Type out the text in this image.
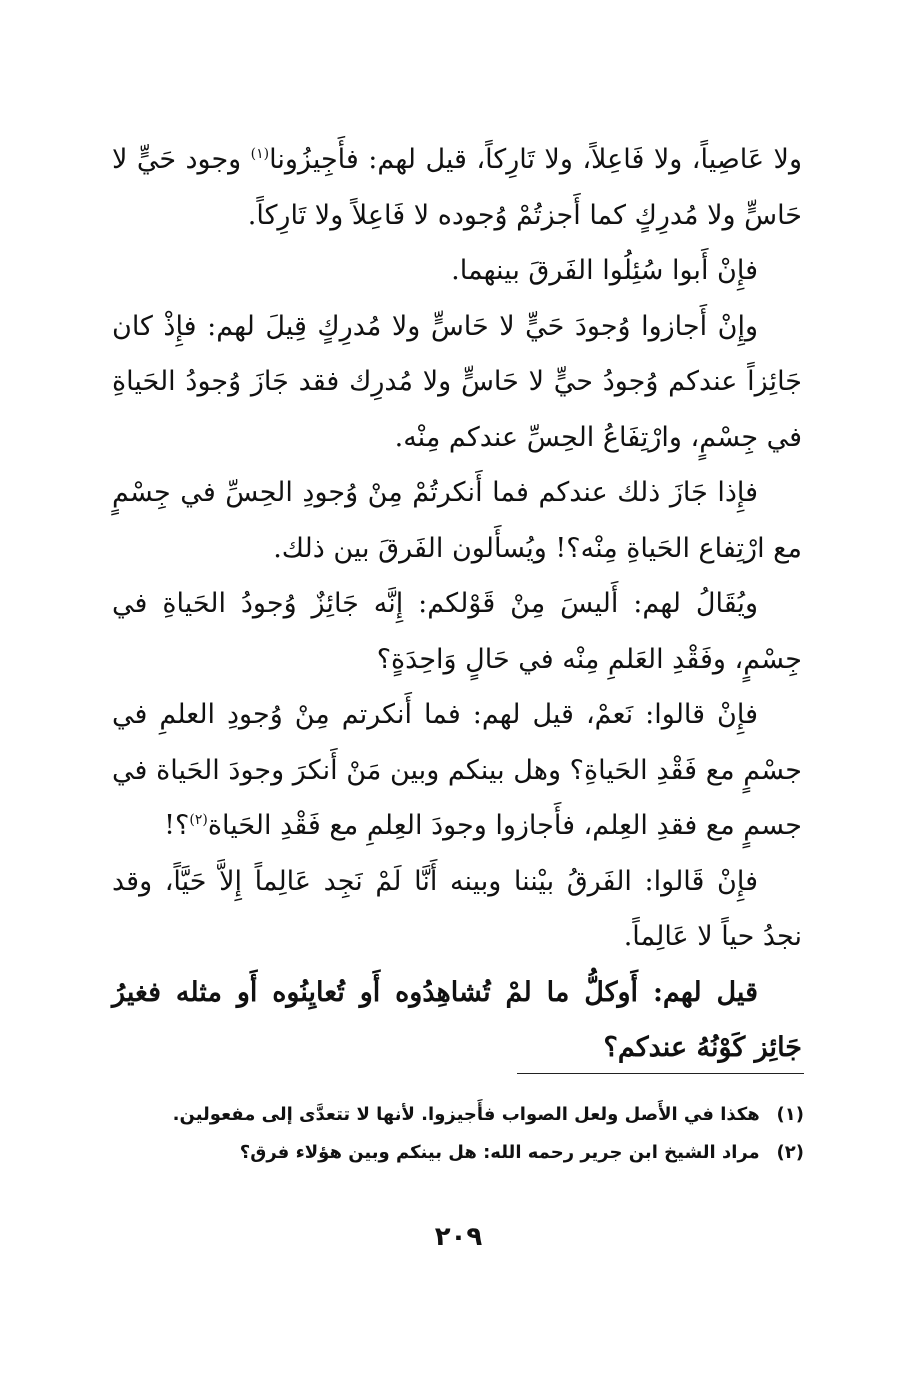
ولا عَاصِياً، ولا فَاعِلاً، ولا تَارِكاً، قيل لهم: فأَجِيزُونا$^{(١)}$ وجود حَيٍّ لا حَاسٍّ ولا مُدرِكٍ كما أَجزتُمْ وُجوده لا فَاعِلاً ولا تَارِكاً.

فإِنْ أَبوا سُئِلُوا الفَرقَ بينهما.

وإِنْ أَجازوا وُجودَ حَيٍّ لا حَاسٍّ ولا مُدرِكٍ قِيلَ لهم: فإِذْ كان جَائِزاً عندكم وُجودُ حيٍّ لا حَاسٍّ ولا مُدرِك فقد جَازَ وُجودُ الحَياةِ في جِسْمٍ، وارْتِفَاعُ الحِسِّ عندكم مِنْه.

فإِذا جَازَ ذلك عندكم فما أَنكرتُمْ مِنْ وُجودِ الحِسِّ في جِسْمٍ مع ارْتِفاع الحَياةِ مِنْه؟! ويُسأَلون الفَرقَ بين ذلك.

ويُقَالُ لهم: أَليسَ مِنْ قَوْلكم: إِنَّه جَائِزٌ وُجودُ الحَياةِ في جِسْمٍ، وفَقْدِ العَلمِ مِنْه في حَالٍ وَاحِدَةٍ؟

فإِنْ قالوا: نَعمْ، قيل لهم: فما أَنكرتم مِنْ وُجودِ العلمِ في جسْمٍ مع فَقْدِ الحَياةِ؟ وهل بينكم وبين مَنْ أَنكرَ وجودَ الحَياة في جسمٍ مع فقدِ العِلم، فأَجازوا وجودَ العِلمِ مع فَقْدِ الحَياة$^{(٢)}$؟!

فإِنْ قَالوا: الفَرقُ بيْننا وبينه أَنَّا لَمْ نَجِد عَالِماً إِلاَّ حَيَّاً، وقد نجدُ حياً لا عَالِماً.

قيل لهم: أَوكلُّ ما لمْ تُشاهِدُوه أَو تُعايِنُوه أَو مثله فغيرُ جَائِز كَوْنُهُ عندكم؟

(١) هكذا في الأَصل ولعل الصواب فأَجيزوا. لأنها لا تتعدَّى إلى مفعولين.
(٢) مراد الشيخ ابن جرير رحمه الله: هل بينكم وبين هؤلاء فرق؟
٢٠٩
